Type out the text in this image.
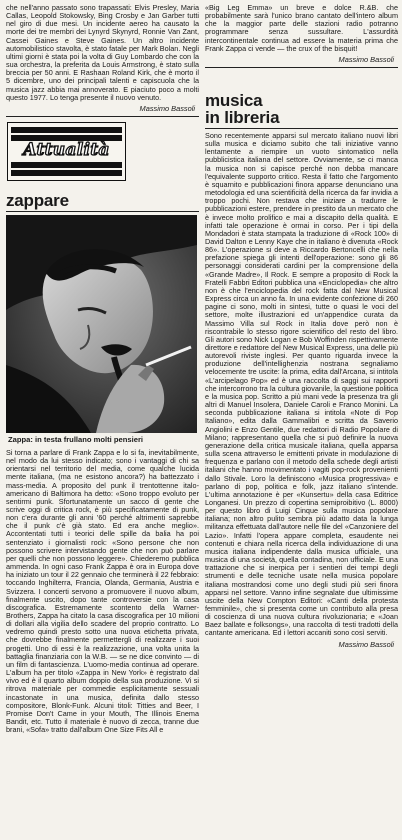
che nell'anno passato sono trapassati: Elvis Presley, Maria Callas, Leopold Stokowsky, Bing Crosby e Jan Garber tutti nel giro di due mesi. Un incidente aereo ha causato la morte dei tre membri dei Lynyrd Skynyrd, Ronnie Van Zant, Cassei Gaines e Steve Gaines. Un altro incidente automobilistico stavolta, è stato fatale per Mark Bolan. Negli ultimi giorni è stata poi la volta di Guy Lombardo che con la sua orchestra, la preferita da Louis Armstrong, è stato sulla breccia per 50 anni. E Rashaan Roland Kirk, che è morto il 5 dicembre, uno dei principali talenti e capiscuola che la musica jazz abbia mai annoverato. E piaciuto poco a molti questo 1977. Lo tenga presente il nuovo venuto.

Massimo Bassoli

Attualità
zappare
Zappa: in testa frullano molti pensieri

Si torna a parlare di Frank Zappa e lo si fa, inevitabilmente, nel modo da lui stesso indicato; sono i vantaggi di chi sa orientarsi nel territorio del media, come qualche lucida mente italiana, (ma ne esistono ancora?) ha battezzato i mass-media. A proposito del punk il trentottenne italo-americano di Baltimora ha detto: «Sono troppo evoluto per sentirmi punk. Sfortunatamente un sacco di gente che scrive oggi di critica rock, è più specificatamente di punk, non c'era durante gli anni '60 perché altrimenti saprebbe che il punk c'è già stato. Ed era anche meglio». Accontentati tutti i teorici delle spille da balia ha poi sentenziato i giornalisti rock: «Sono persone che non possono scrivere intervistando gente che non può parlare per quelli che non possono leggere». Chiederemo pubblica ammenda. In ogni caso Frank Zappa è ora in Europa dove ha iniziato un tour il 22 gennaio che terminerà il 22 febbraio: toccando Inghilterra, Francia, Olanda, Germania, Austria e Svizzera. I concerti servono a promuovere il nuovo album, finalmente uscito, dopo tante controversie con la casa discografica. Estremamente scontento della Warner-Brothers, Zappa ha citato la casa discografica per 10 milioni di dollari alla vigilia dello scadere del proprio contratto. Lo vedremo quindi presto sotto una nuova etichetta privata, che dovrebbe finalmente permettergli di realizzare i suoi progetti. Uno di essi è la realizzazione, una volta unita la battaglia finanziaria con la W.B. — se ne dice convinto — di un film di fantascienza. L'uomo-media continua ad operare. L'album ha per titolo «Zappa in New York» è registrato dal vivo ed è il quarto album doppio della sua produzione. Vi si ritrova materiale per commedie esplicitamente sessuali incastonate in una musica, definita dallo stesso compositore, Blonk-Funk. Alcuni titoli: Titties and Beer, I Promise Don't Came in your Mouth, The Illinois Enema Bandit, etc. Tutto il materiale è nuovo di zecca, tranne due brani, «Sofa» tratto dall'album One Size Fits All e

«Big Leg Emma» un breve e dolce R.&B. che probabilmente sarà l'unico brano cantato dell'intero album che la maggior parte delle stazioni radio potranno programmare senza sussultare. L'assurdità intercontinentale continua ad essere la materia prima che Frank Zappa ci vende — the crux of the bisquit!

Massimo Bassoli

musica
in libreria

Sono recentemente apparsi sul mercato italiano nuovi libri sulla musica e diciamo subito che tali iniziative vanno lentamente a riempire un vuoto sintomatico nella pubblicistica italiana del settore. Ovviamente, se ci manca la musica non si capisce perché non debba mancare l'equivalente supporto critico. Resta il fatto che l'argomento è squarnito e pubblicazioni finora apparse denunciano una metodologia ed una scientificità della ricerca da far invidia a troppo pochi. Non restava che iniziare a tradurre le pubblicazioni estere, prendere in prestito da un mercato che è invece molto prolifico e mai a discapito della qualità. E infatti tale operazione è ormai in corso. Per i tipi della Mondadori è stata stampata la traduzione di «Rock 100» di David Dalton e Lenny Kaye che in italiano è divenuta «Rock 86». L'operazione si deve a Riccardo Bertoncelli che nella prefazione spiega gli intenti dell'operazione: sono gli 86 personaggi considerati cardini per la comprensione della «Grande Madre», Il Rock. E sempre a proposito di Rock la Fratelli Fabbri Editori pubblica una «Enciclopedia» che altro non è che l'enciclopedia del rock fatta dal New Musical Express circa un anno fa. In una evidente confezione di 260 pagine ci sono, molti in sintesi, tutte o quasi le voci del settore, molte illustrazioni ed un'appendice curata da Massimo Villa sul Rock in Italia dove però non è riscontrabile lo stesso rigore scientifico del resto del libro. Gli autori sono Nick Logan e Bob Woffinden rispettivamente direttore e redattore del New Musical Express, una delle più autorevoli riviste inglesi. Per quanto riguarda invece la produzione dell'intellighenzia nostrana segnaliamo velocemente tre uscite: la prima, edita dall'Arcana, si intitola «L'arcipelago Pop» ed è una raccolta di saggi sui rapporti che intercorrono tra la cultura giovanile, la questione politica e la musica pop. Scritto a più mani vede la presenza tra gli altri di Manuel Insolera, Daniele Caroli e Franco Monini. La seconda pubblicazione italiana si intitola «Note di Pop Italiano», edita dalla Gammalibri e scritta da Saverio Angiolini e Enzo Gentile, due redattori di Radio Popolare di Milano; rappresentano quella che si può definire la nuova generazione della critica musicale italiana, quella apparsa sulla scena attraverso le emittenti private in modulazione di frequenza e parlano con il metodo della schede degli artisti italiani che hanno movimentato i vagiti pop-rock provenienti dallo Stivale. Loro la definiscono «Musica progressiva» e parlano di pop, politica e folk, jazz italiano s'intende. L'ultima annotazione è per «Kunsertu» della casa Editrice Longanesi. Un prezzo di copertina semiproibitivo (L. 8000) per questo libro di Luigi Cinque sulla musica popolare italiana; non altro pulito sembra più adatto data la lunga militanza effettuata dall'autore nelle file del «Canzoniere del Lazio». Infatti l'opera appare completa, esaudente nei contenuti e chiara nella ricerca della individuazione di una musica italiana indipendente dalla musica ufficiale, una musica di una società, quella contadina, non ufficiale. E una trattazione che si inerpica per i sentieri dei tempi degli strumenti e delle tecniche usate nella musica popolare italiana mostrandosi come uno degli studi più seri finora apparsi nel settore. Vanno infine segnalate due ultimissime uscite della New Compton Editori: «Canti della protesta femminile», che si presenta come un contributo alla presa di coscienza di una nuova cultura rivoluzionaria; e «Joan Baez ballate e folksongs», una raccolta di testi tradotti della cantante americana. Ed i lettori accaniti sono così serviti.

Massimo Bassoli
